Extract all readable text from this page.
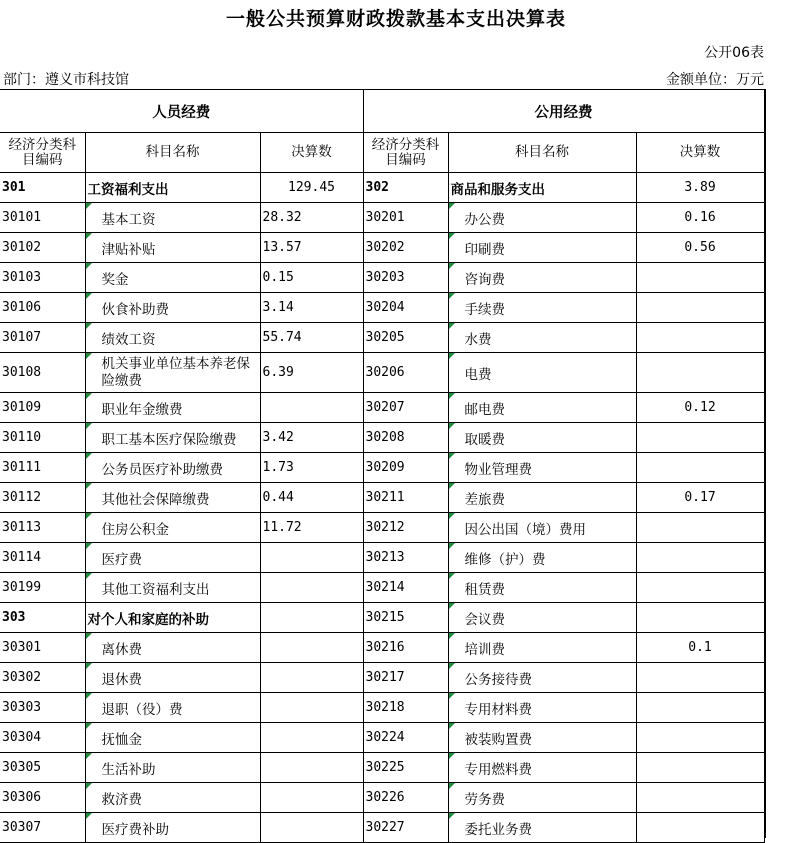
一般公共预算财政拨款基本支出决算表
公开06表
部门：遵义市科技馆	金额单位：万元
人员经费			公用经费		
经济分类科目编码	科目名称	决算数	经济分类科目编码	科目名称	决算数
301	工资福利支出	129.45	302	商品和服务支出	3.89
30101	基本工资	28.32	30201	办公费	0.16
30102	津贴补贴	13.57	30202	印刷费	0.56
30103	奖金	0.15	30203	咨询费	
30106	伙食补助费	3.14	30204	手续费	
30107	绩效工资	55.74	30205	水费	
30108	机关事业单位基本养老保险缴费	6.39	30206	电费	
30109	职业年金缴费		30207	邮电费	0.12
30110	职工基本医疗保险缴费	3.42	30208	取暖费	
30111	公务员医疗补助缴费	1.73	30209	物业管理费	
30112	其他社会保障缴费	0.44	30211	差旅费	0.17
30113	住房公积金	11.72	30212	因公出国（境）费用	
30114	医疗费		30213	维修（护）费	
30199	其他工资福利支出		30214	租赁费	
303	对个人和家庭的补助		30215	会议费	
30301	离休费		30216	培训费	0.1
30302	退休费		30217	公务接待费	
30303	退职（役）费		30218	专用材料费	
30304	抚恤金		30224	被装购置费	
30305	生活补助		30225	专用燃料费	
30306	救济费		30226	劳务费	
30307	医疗费补助		30227	委托业务费	
